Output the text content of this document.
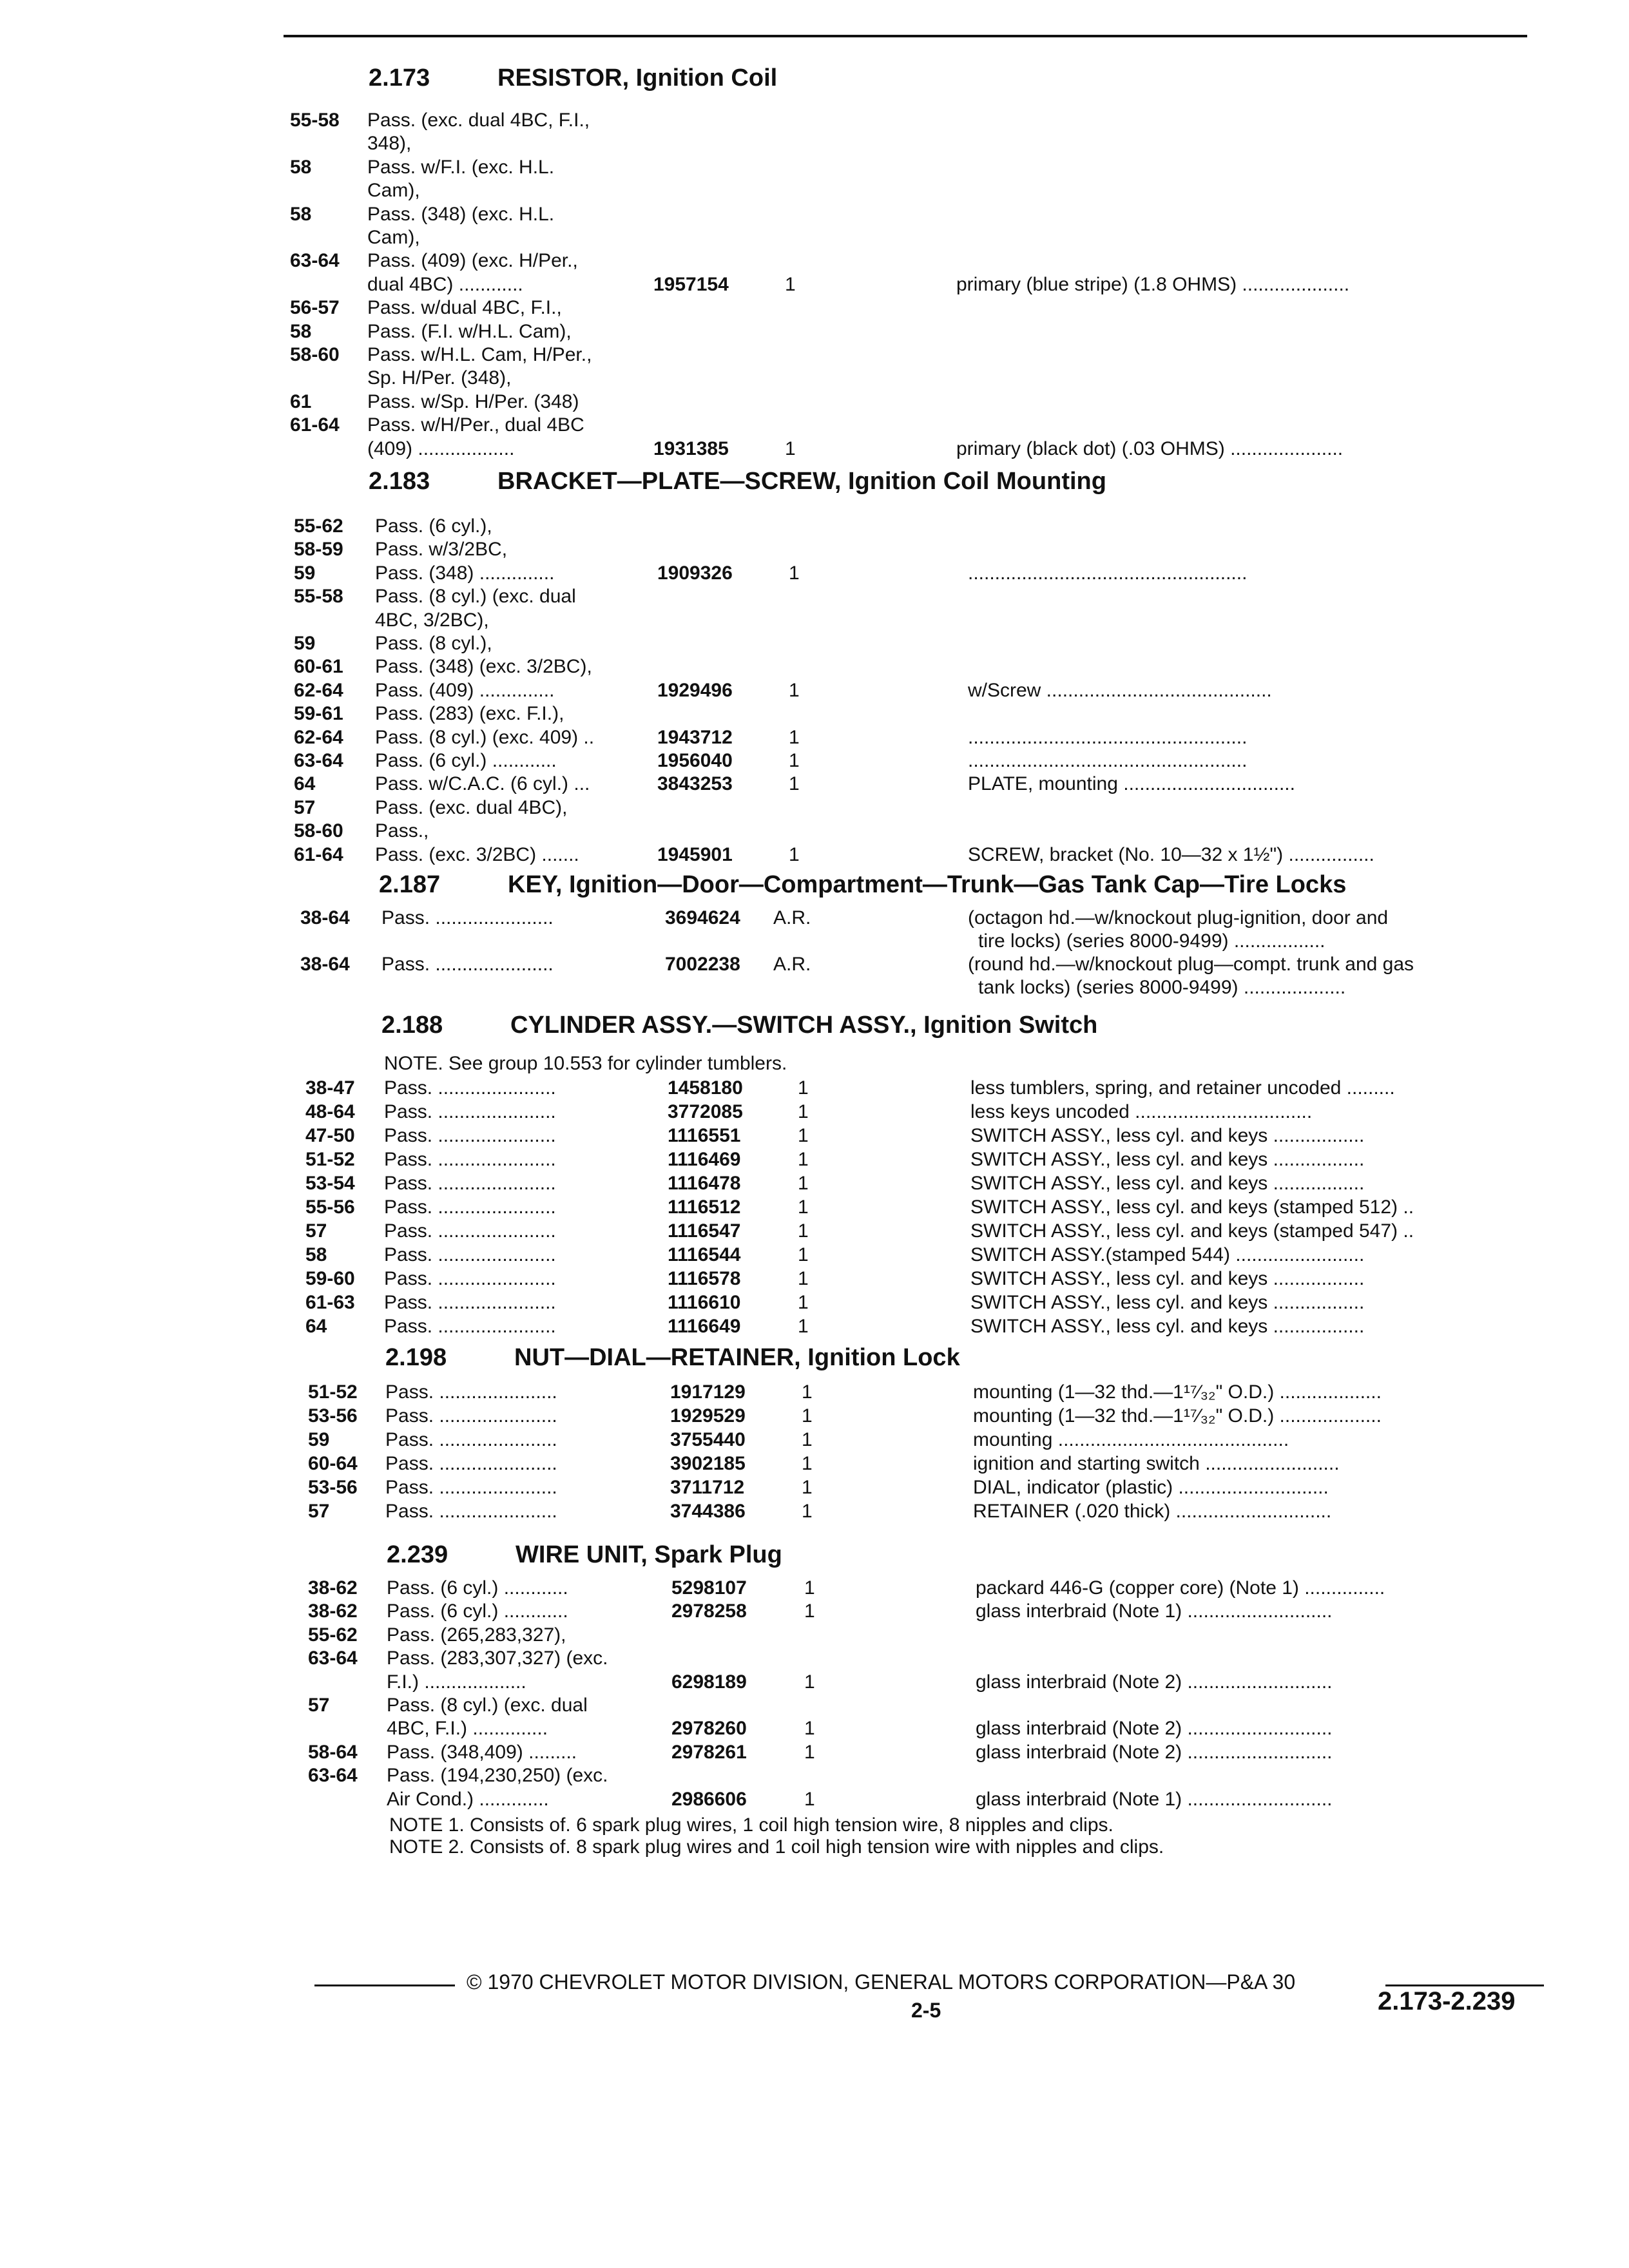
2.173	RESISTOR, Ignition Coil
55-58 Pass. (exc. dual 4BC, F.I.,
348),
58	Pass. w/F.I. (exc. H.L.
Cam),
58	Pass. (348) (exc. H.L.
Cam),
63-64 Pass. (409) (exc. H/Per.,
dual 4BC) ............	1957154	1	primary (blue stripe) (1.8 OHMS) ....................
56-57 Pass. w/dual 4BC, F.I.,
58	Pass. (F.I. w/H.L. Cam),
58-60 Pass. w/H.L. Cam, H/Per.,
Sp. H/Per. (348),
61	Pass. w/Sp. H/Per. (348)
61-64 Pass. w/H/Per., dual 4BC
(409) ..................	1931385	1	primary (black dot) (.03 OHMS) .....................
2.183	BRACKET—PLATE—SCREW, Ignition Coil Mounting
55-62 Pass. (6 cyl.),
58-59 Pass. w/3/2BC,
59	Pass. (348) ..............	1909326	1	....................................................
55-58 Pass. (8 cyl.) (exc. dual
4BC, 3/2BC),
59	Pass. (8 cyl.),
60-61 Pass. (348) (exc. 3/2BC),
62-64 Pass. (409) ..............	1929496	1	w/Screw ..........................................
59-61 Pass. (283) (exc. F.I.),
62-64 Pass. (8 cyl.) (exc. 409) ..	1943712	1	....................................................
63-64 Pass. (6 cyl.) ............	1956040	1	....................................................
64	Pass. w/C.A.C. (6 cyl.) ...	3843253	1	PLATE, mounting ................................
57	Pass. (exc. dual 4BC),
58-60 Pass.,
61-64 Pass. (exc. 3/2BC) .......	1945901	1	SCREW, bracket (No. 10—32 x 1½") ................
2.187	KEY, Ignition—Door—Compartment—Trunk—Gas Tank Cap—Tire Locks
38-64 Pass. ......................	3694624 A.R.	(octagon hd.—w/knockout plug-ignition, door and
tire locks) (series 8000-9499) .................
38-64 Pass. ......................	7002238 A.R.	(round hd.—w/knockout plug—compt. trunk and gas
tank locks) (series 8000-9499) ...................
2.188	CYLINDER ASSY.—SWITCH ASSY., Ignition Switch
NOTE. See group 10.553 for cylinder tumblers.
38-47 Pass. ......................	1458180	1	less tumblers, spring, and retainer uncoded .........
48-64 Pass. ......................	3772085	1	less keys uncoded .................................
47-50 Pass. ......................	1116551	1	SWITCH ASSY., less cyl. and keys .................
51-52 Pass. ......................	1116469	1	SWITCH ASSY., less cyl. and keys .................
53-54 Pass. ......................	1116478	1	SWITCH ASSY., less cyl. and keys .................
55-56 Pass. ......................	1116512	1	SWITCH ASSY., less cyl. and keys (stamped 512) ..
57	Pass. ......................	1116547	1	SWITCH ASSY., less cyl. and keys (stamped 547) ..
58	Pass. ......................	1116544	1	SWITCH ASSY.(stamped 544) ........................
59-60 Pass. ......................	1116578	1	SWITCH ASSY., less cyl. and keys .................
61-63 Pass. ......................	1116610	1	SWITCH ASSY., less cyl. and keys .................
64	Pass. ......................	1116649	1	SWITCH ASSY., less cyl. and keys .................
2.198	NUT—DIAL—RETAINER, Ignition Lock
51-52 Pass. ......................	1917129	1	mounting (1—32 thd.—1¹⁷⁄₃₂" O.D.) ...................
53-56 Pass. ......................	1929529	1	mounting (1—32 thd.—1¹⁷⁄₃₂" O.D.) ...................
59	Pass. ......................	3755440	1	mounting ...........................................
60-64 Pass. ......................	3902185	1	ignition and starting switch .........................
53-56 Pass. ......................	3711712	1	DIAL, indicator (plastic) ............................
57	Pass. ......................	3744386	1	RETAINER (.020 thick) .............................
2.239	WIRE UNIT, Spark Plug
38-62 Pass. (6 cyl.) ............	5298107	1	packard 446-G (copper core) (Note 1) ...............
38-62 Pass. (6 cyl.) ............	2978258	1	glass interbraid (Note 1) ...........................
55-62 Pass. (265,283,327),
63-64 Pass. (283,307,327) (exc.
F.I.) ...................	6298189	1	glass interbraid (Note 2) ...........................
57	Pass. (8 cyl.) (exc. dual
4BC, F.I.) ..............	2978260	1	glass interbraid (Note 2) ...........................
58-64 Pass. (348,409) .........	2978261	1	glass interbraid (Note 2) ...........................
63-64 Pass. (194,230,250) (exc.
Air Cond.) .............	2986606	1	glass interbraid (Note 1) ...........................
NOTE 1. Consists of. 6 spark plug wires, 1 coil high tension wire, 8 nipples and clips.
NOTE 2. Consists of. 8 spark plug wires and 1 coil high tension wire with nipples and clips.
© 1970 CHEVROLET MOTOR DIVISION, GENERAL MOTORS CORPORATION—P&A 30
2-5	2.173-2.239
